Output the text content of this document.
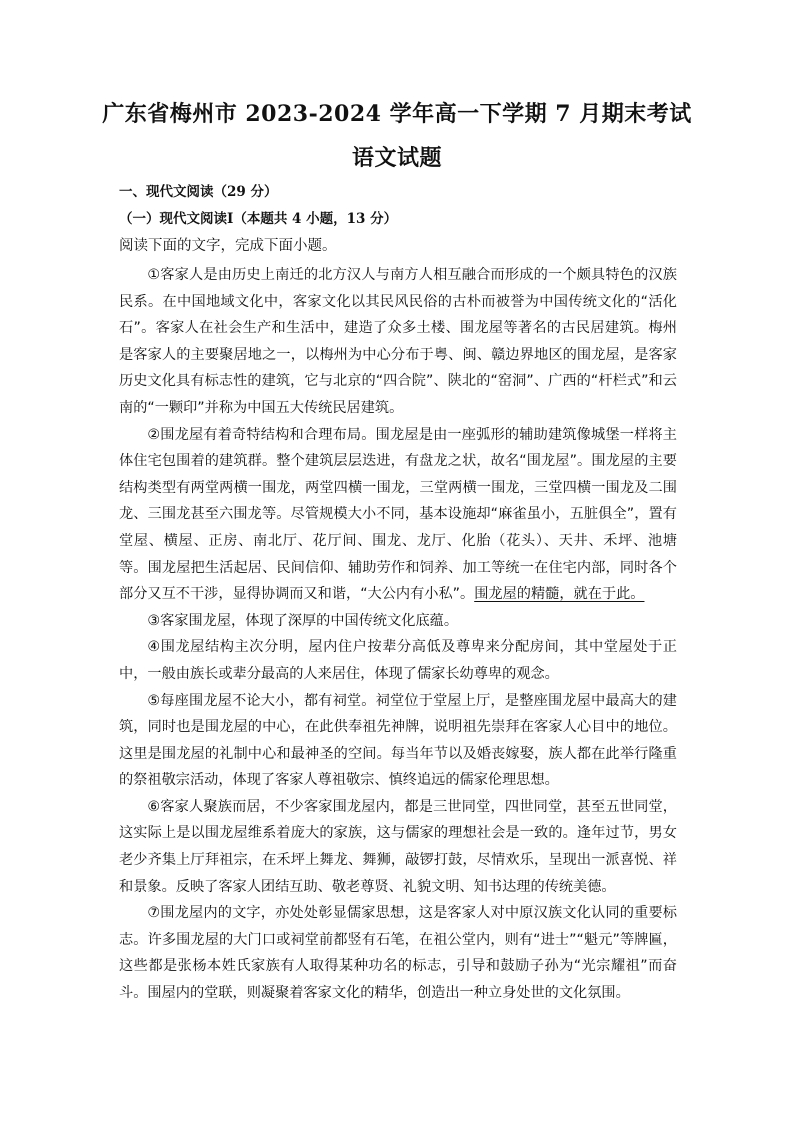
广东省梅州市 2023-2024 学年高一下学期 7 月期末考试
语文试题
一、现代文阅读（29 分）
（一）现代文阅读Ⅰ（本题共 4 小题，13 分）
阅读下面的文字，完成下面小题。

①客家人是由历史上南迁的北方汉人与南方人相互融合而形成的一个颇具特色的汉族民系。在中国地域文化中，客家文化以其民风民俗的古朴而被誉为中国传统文化的“活化石”。客家人在社会生产和生活中，建造了众多土楼、围龙屋等著名的古民居建筑。梅州是客家人的主要聚居地之一，以梅州为中心分布于粤、闽、赣边界地区的围龙屋，是客家历史文化具有标志性的建筑，它与北京的“四合院”、陕北的“窑洞”、广西的“杆栏式”和云南的“一颗印”并称为中国五大传统民居建筑。

②围龙屋有着奇特结构和合理布局。围龙屋是由一座弧形的辅助建筑像城堡一样将主体住宅包围着的建筑群。整个建筑层层迭进，有盘龙之状，故名“围龙屋”。围龙屋的主要结构类型有两堂两横一围龙，两堂四横一围龙，三堂两横一围龙，三堂四横一围龙及二围龙、三围龙甚至六围龙等。尽管规模大小不同，基本设施却“麻雀虽小，五脏俱全”，置有堂屋、横屋、正房、南北厅、花厅间、围龙、龙厅、化胎（花头）、天井、禾坪、池塘等。围龙屋把生活起居、民间信仰、辅助劳作和饲养、加工等统一在住宅内部，同时各个部分又互不干涉，显得协调而又和谐，“大公内有小私”。围龙屋的精髓，就在于此。

③客家围龙屋，体现了深厚的中国传统文化底蕴。

④围龙屋结构主次分明，屋内住户按辈分高低及尊卑来分配房间，其中堂屋处于正中，一般由族长或辈分最高的人来居住，体现了儒家长幼尊卑的观念。

⑤每座围龙屋不论大小，都有祠堂。祠堂位于堂屋上厅，是整座围龙屋中最高大的建筑，同时也是围龙屋的中心，在此供奉祖先神牌，说明祖先崇拜在客家人心目中的地位。这里是围龙屋的礼制中心和最神圣的空间。每当年节以及婚丧嫁娶，族人都在此举行隆重的祭祖敬宗活动，体现了客家人尊祖敬宗、慎终追远的儒家伦理思想。

⑥客家人聚族而居，不少客家围龙屋内，都是三世同堂，四世同堂，甚至五世同堂，这实际上是以围龙屋维系着庞大的家族，这与儒家的理想社会是一致的。逢年过节，男女老少齐集上厅拜祖宗，在禾坪上舞龙、舞狮，敲锣打鼓，尽情欢乐，呈现出一派喜悦、祥和景象。反映了客家人团结互助、敬老尊贤、礼貌文明、知书达理的传统美德。

⑦围龙屋内的文字，亦处处彰显儒家思想，这是客家人对中原汉族文化认同的重要标志。许多围龙屋的大门口或祠堂前都竖有石笔，在祖公堂内，则有“进士”“魁元”等牌匾，这些都是张杨本姓氏家族有人取得某种功名的标志，引导和鼓励子孙为“光宗耀祖”而奋斗。围屋内的堂联，则凝聚着客家文化的精华，创造出一种立身处世的文化氛围。
